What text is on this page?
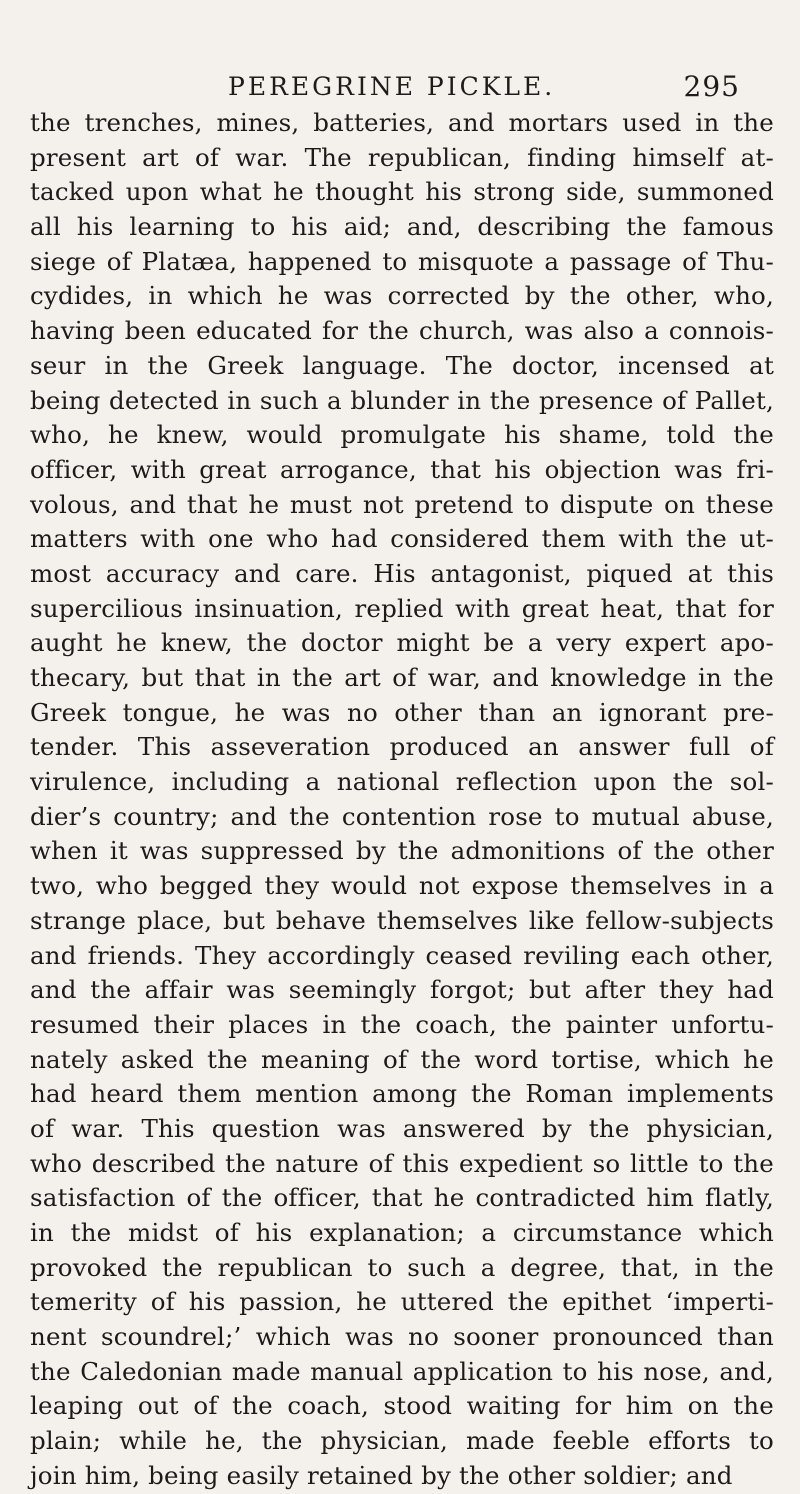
PEREGRINE PICKLE.	295
the trenches, mines, batteries, and mortars used in the
present art of war. The republican, finding himself at-
tacked upon what he thought his strong side, summoned
all his learning to his aid; and, describing the famous
siege of Platæa, happened to misquote a passage of Thu-
cydides, in which he was corrected by the other, who,
having been educated for the church, was also a connois-
seur in the Greek language. The doctor, incensed at
being detected in such a blunder in the presence of Pallet,
who, he knew, would promulgate his shame, told the
officer, with great arrogance, that his objection was fri-
volous, and that he must not pretend to dispute on these
matters with one who had considered them with the ut-
most accuracy and care. His antagonist, piqued at this
supercilious insinuation, replied with great heat, that for
aught he knew, the doctor might be a very expert apo-
thecary, but that in the art of war, and knowledge in the
Greek tongue, he was no other than an ignorant pre-
tender. This asseveration produced an answer full of
virulence, including a national reflection upon the sol-
dier’s country; and the contention rose to mutual abuse,
when it was suppressed by the admonitions of the other
two, who begged they would not expose themselves in a
strange place, but behave themselves like fellow-subjects
and friends. They accordingly ceased reviling each other,
and the affair was seemingly forgot; but after they had
resumed their places in the coach, the painter unfortu-
nately asked the meaning of the word tortise, which he
had heard them mention among the Roman implements
of war. This question was answered by the physician,
who described the nature of this expedient so little to the
satisfaction of the officer, that he contradicted him flatly,
in the midst of his explanation; a circumstance which
provoked the republican to such a degree, that, in the
temerity of his passion, he uttered the epithet ‘imperti-
nent scoundrel;’ which was no sooner pronounced than
the Caledonian made manual application to his nose, and,
leaping out of the coach, stood waiting for him on the
plain; while he, the physician, made feeble efforts to
join him, being easily retained by the other soldier; and
